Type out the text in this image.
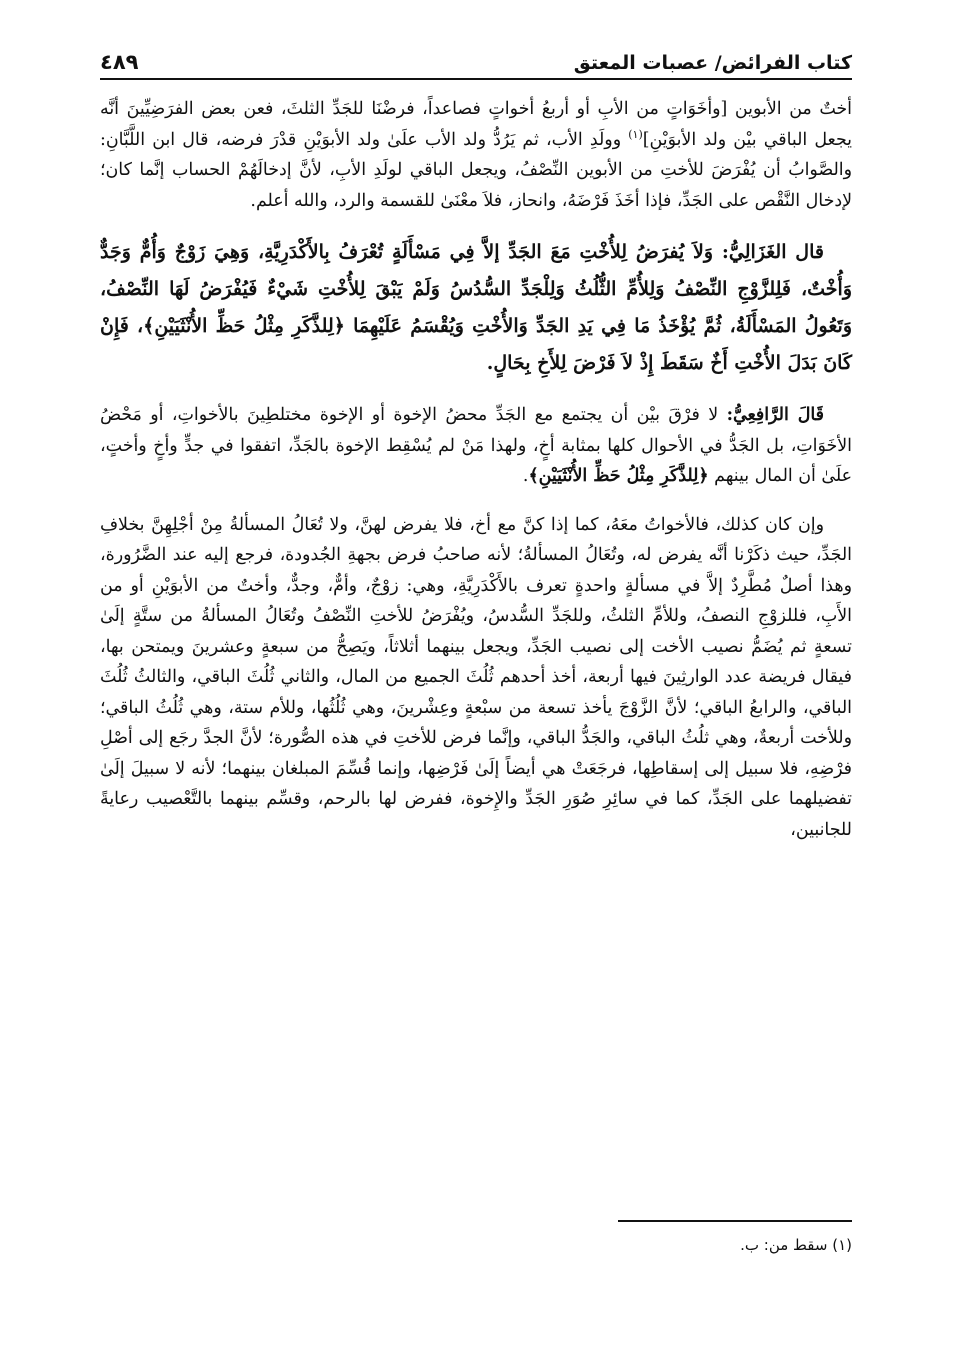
كتاب الفرائض/ عصبات المعتق
٤٨٩

أختٌ من الأبوين [وأخَوَاتٍ من الأبِ أو أربعُ أخواتٍ فصاعداً، فرضْنَا للجَدِّ الثلثَ، فعن بعض الفرَضِيِّينَ أنَّه يجعل الباقي بيْن ولد الأبوَيْنِ]$^{(١)}$ وولَدِ الأب، ثم يَرُدُّ ولد الأب علَىٰ ولد الأبوَيْنِ قدْرَ فرضه، قال ابن اللَّبَّانِ: والصَّوابُ أن يُفْرَضَ للأختِ من الأبوين النِّصْفُ، ويجعل الباقي لولَدِ الأبِ، لأنَّ إدخالَهُمْ الحساب إنَّما كان؛ لإدخال النَّقْص على الجَدِّ، فإذا أخَذَ فَرْضَهُ، وانحاز، فلاَ معْنَىٰ للقسمة والرد، والله أعلم.

قال الغَزَالِيُّ: وَلاَ يُفرَضُ لِلأُخْتِ مَعَ الجَدِّ إلاَّ فِي مَسْأَلَةٍ تُعْرَفُ بِالأَكْدَرِيَّةِ، وَهِيَ زَوْجٌ وَأُمٌّ وَجَدٌّ وَأُخْتٌ، فَلِلزَّوْجِ النِّصْفُ وَلِلأُمِّ الثُّلُثُ وَلِلْجَدِّ السُّدُسُ وَلَمْ يَبْقَ لِلأُخْتِ شَيْءٌ فَيُفْرَضُ لَهَا النِّصْفُ، وَتَعُولُ المَسْأَلَةُ، ثُمَّ يُؤْخَذُ مَا فِي يَدِ الجَدِّ وَالأُخْتِ وَيُقْسَمُ عَلَيْهِمَا ﴿لِلذَّكَرِ مِثْلُ حَظِّ الأُنْثَيَيْنِ﴾، فَإِنْ كَانَ بَدَلَ الأُخْتِ أَخٌ سَقَطَ إِذْ لاَ فَرْضَ لِلأَخِ بِحَالٍ.

قَالَ الرَّافِعِيُّ: لا فرْقَ بيْن أن يجتمع مع الجَدِّ محضُ الإخوة أو الإخوة مختلطِينَ بالأخواتِ، أو مَحْضُ الأخَوَاتِ، بل الجَدُّ في الأحوال كلها بمثابة أخٍ، ولهذا مَنْ لم يُسْقِط الإخوة بالجَدِّ، اتفقوا في جدٍّ وأخٍ وأختٍ، علَىٰ أن المال بينهم ﴿لِلذَّكَرِ مِثْلُ حَظِّ الأُنْثَيَيْنِ﴾.

وإن كان كذلك، فالأخواتُ معَهُ، كما إذا كنَّ مع أخ، فلا يفرض لهنَّ، ولا تُعَالُ المسألةُ مِنْ أجْلِهِنَّ بخلافِ الجَدِّ، حيث ذكَرْنا أنَّه يفرض له، وتُعَالُ المسألةُ؛ لأنه صاحبُ فرض بجهةِ الجُدودة، فرجع إليه عند الضَّرُورة، وهذا أصلٌ مُطَّرِدٌ إلاَّ في مسألةٍ واحدةٍ تعرف بالأَكْدَرِيَّةِ، وهي: زوْجٌ، وأمٌّ، وجدٌّ، وأختٌ من الأبوَيْنِ أو من الأَبِ، فللزوْجِ النصفُ، وللأمِّ الثلثُ، وللجَدِّ السُّدسُ، ويُفْرَضُ للأختِ النِّصْفُ وتُعَالُ المسألةُ من ستَّةٍ إلَىٰ تسعةٍ ثم يُضَمُّ نصيب الأخت إلى نصيب الجَدِّ، ويجعل بينهما أثلاثاً، ويَصِحُّ من سبعةٍ وعشرينَ ويمتحن بها، فيقال فريضة عدد الوارثِينَ فيها أربعة، أخذ أحدهم ثُلُثَ الجميع من المال، والثاني ثُلُثَ الباقي، والثالثُ ثُلُثَ الباقي، والرابعُ الباقي؛ لأنَّ الزَّوْجَ يأخذ تسعة من سبْعةٍ وعِشْرينَ، وهي ثُلُثُها، وللأم ستة، وهي ثُلُثُ الباقي؛ وللأخت أربعةٌ، وهي ثلُثُ الباقي، والجَدُّ الباقي، وإنَّما فرض للأختِ في هذه الصُّورة؛ لأنَّ الجدَّ رجَع إلى أصْلِ فرْضِهِ، فلا سبيل إلى إسقاطِها، فرجَعَتْ هي أيضاً إلَىٰ فَرْضِها، وإنما قُسِّمَ المبلغان بينهما؛ لأنه لا سبيلَ إلَىٰ تفضيلهما على الجَدِّ، كما في سائِرِ صُوَرِ الجَدِّ والإِخوة، ففرض لها بالرحم، وقسِّم بينهما بالتَّعْصيب رعايةً للجانبين،

(١) سقط من: ب.
